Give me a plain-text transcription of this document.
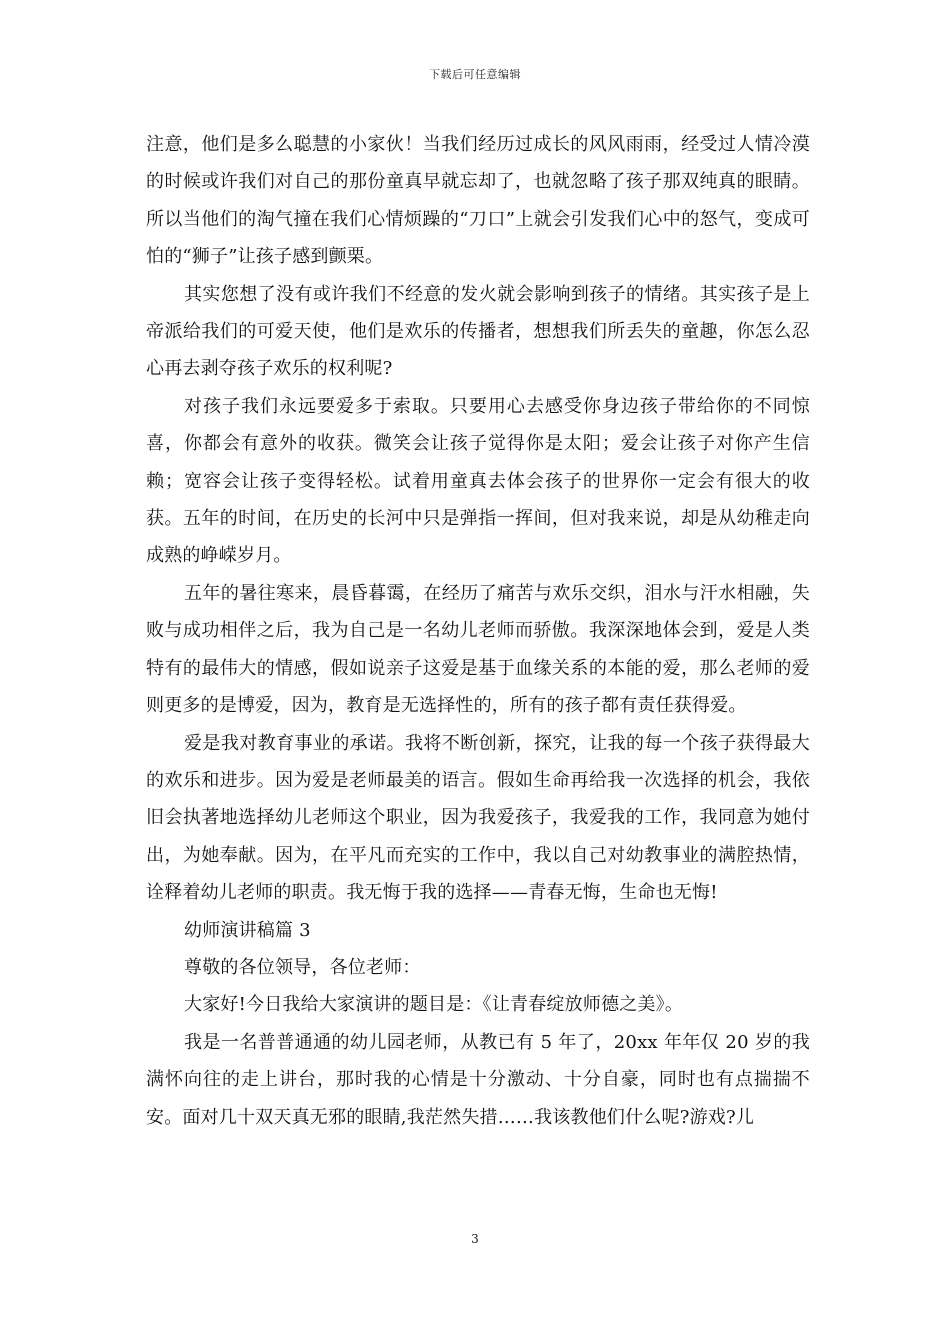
下载后可任意编辑

注意，他们是多么聪慧的小家伙！当我们经历过成长的风风雨雨，经受过人情冷漠的时候或许我们对自己的那份童真早就忘却了，也就忽略了孩子那双纯真的眼睛。所以当他们的淘气撞在我们心情烦躁的“刀口”上就会引发我们心中的怒气，变成可怕的“狮子”让孩子感到颤栗。

其实您想了没有或许我们不经意的发火就会影响到孩子的情绪。其实孩子是上帝派给我们的可爱天使，他们是欢乐的传播者，想想我们所丢失的童趣，你怎么忍心再去剥夺孩子欢乐的权利呢?

对孩子我们永远要爱多于索取。只要用心去感受你身边孩子带给你的不同惊喜，你都会有意外的收获。微笑会让孩子觉得你是太阳；爱会让孩子对你产生信赖；宽容会让孩子变得轻松。试着用童真去体会孩子的世界你一定会有很大的收获。五年的时间，在历史的长河中只是弹指一挥间，但对我来说，却是从幼稚走向成熟的峥嵘岁月。

五年的暑往寒来，晨昏暮霭，在经历了痛苦与欢乐交织，泪水与汗水相融，失败与成功相伴之后，我为自己是一名幼儿老师而骄傲。我深深地体会到，爱是人类特有的最伟大的情感，假如说亲子这爱是基于血缘关系的本能的爱，那么老师的爱则更多的是博爱，因为，教育是无选择性的，所有的孩子都有责任获得爱。

爱是我对教育事业的承诺。我将不断创新，探究，让我的每一个孩子获得最大的欢乐和进步。因为爱是老师最美的语言。假如生命再给我一次选择的机会，我依旧会执著地选择幼儿老师这个职业，因为我爱孩子，我爱我的工作，我同意为她付出，为她奉献。因为，在平凡而充实的工作中，我以自己对幼教事业的满腔热情，诠释着幼儿老师的职责。我无悔于我的选择——青春无悔，生命也无悔!

幼师演讲稿篇 3

尊敬的各位领导，各位老师：

大家好!今日我给大家演讲的题目是：《让青春绽放师德之美》。

我是一名普普通通的幼儿园老师，从教已有 5 年了，20xx 年年仅 20 岁的我满怀向往的走上讲台，那时我的心情是十分激动、十分自豪，同时也有点揣揣不安。面对几十双天真无邪的眼睛,我茫然失措……我该教他们什么呢?游戏?儿

3
